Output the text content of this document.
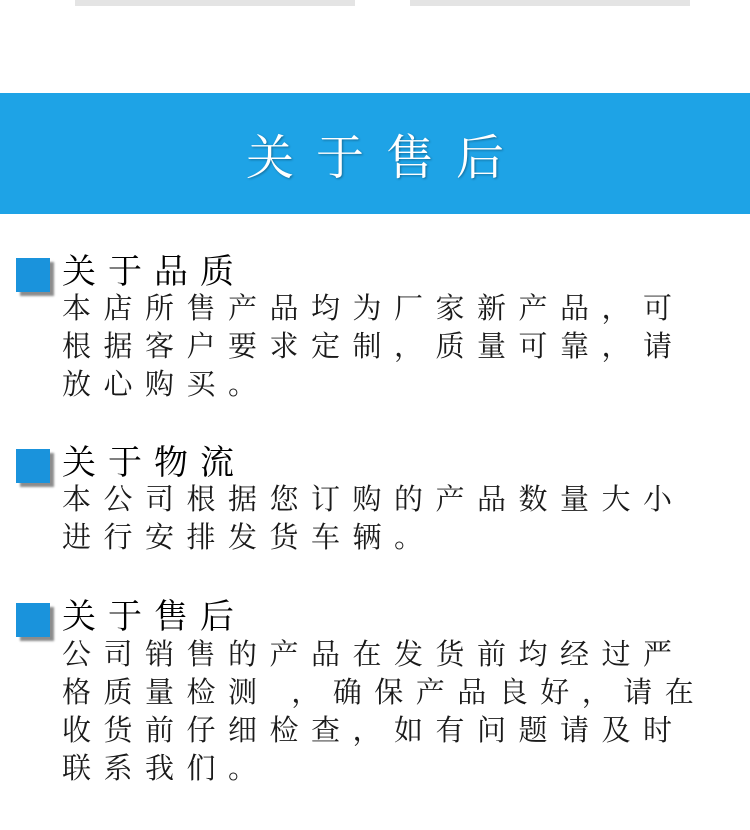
关于售后
关于品质

本店所售产品均为厂家新产品，可根据客户要求定制，质量可靠，请放心购买。

关于物流

本公司根据您订购的产品数量大小进行安排发货车辆。

关于售后

公司销售的产品在发货前均经过严格质量检测 ，确保产品良好，请在收货前仔细检查，如有问题请及时联系我们。
